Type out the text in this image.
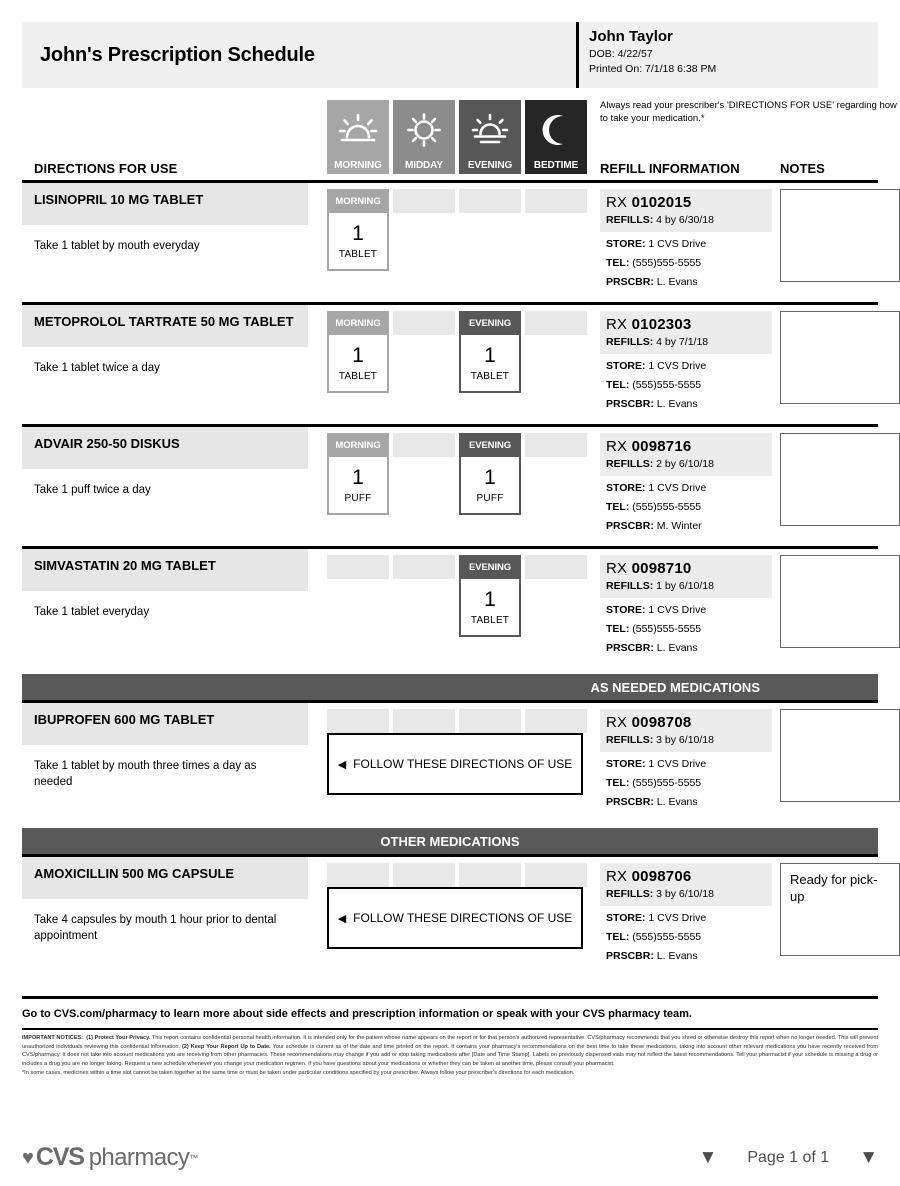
John's Prescription Schedule
John Taylor
DOB: 4/22/57
Printed On: 7/1/18 6:38 PM
DIRECTIONS FOR USE	MORNING MIDDAY EVENING BEDTIME
Always read your prescriber's 'DIRECTIONS FOR USE' regarding how to take your medication.*
REFILL INFORMATION	NOTES
LISINOPRIL 10 MG TABLET
Take 1 tablet by mouth everyday
MORNING
1
TABLET
RX 0102015
REFILLS: 4 by 6/30/18
STORE: 1 CVS Drive
TEL: (555)555-5555
PRSCBR: L. Evans
METOPROLOL TARTRATE 50 MG TABLET
Take 1 tablet twice a day
MORNING
1
TABLET
EVENING
1
TABLET
RX 0102303
REFILLS: 4 by 7/1/18
STORE: 1 CVS Drive
TEL: (555)555-5555
PRSCBR: L. Evans
ADVAIR 250-50 DISKUS
Take 1 puff twice a day
MORNING
1
PUFF
EVENING
1
PUFF
RX 0098716
REFILLS: 2 by 6/10/18
STORE: 1 CVS Drive
TEL: (555)555-5555
PRSCBR: M. Winter
SIMVASTATIN 20 MG TABLET
Take 1 tablet everyday
EVENING
1
TABLET
RX 0098710
REFILLS: 1 by 6/10/18
STORE: 1 CVS Drive
TEL: (555)555-5555
PRSCBR: L. Evans
AS NEEDED MEDICATIONS
IBUPROFEN 600 MG TABLET
Take 1 tablet by mouth three times a day as needed
◀ FOLLOW THESE DIRECTIONS OF USE
RX 0098708
REFILLS: 3 by 6/10/18
STORE: 1 CVS Drive
TEL: (555)555-5555
PRSCBR: L. Evans
OTHER MEDICATIONS
AMOXICILLIN 500 MG CAPSULE
Take 4 capsules by mouth 1 hour prior to dental appointment
◀ FOLLOW THESE DIRECTIONS OF USE
RX 0098706
REFILLS: 3 by 6/10/18
STORE: 1 CVS Drive
TEL: (555)555-5555
PRSCBR: L. Evans
Ready for pick-up
Go to CVS.com/pharmacy to learn more about side effects and prescription information or speak with your CVS pharmacy team.
IMPORTANT NOTICES: (1) Protect Your Privacy. This report contains confidential personal health information. It is intended only for the patient whose name appears on the report or for that person's authorized representative. CVS/pharmacy recommends that you shred or otherwise destroy this report when no longer needed. This will prevent unauthorized individuals reviewing this confidential information. (2) Keep Your Report Up to Date. Your schedule is current as of the date and time printed on the report. It contains your pharmacy's recommendations on the best time to take these medications, taking into account other relevant medications you have recently received from CVS/pharmacy. It does not take into account medications you are receiving from other pharmacies. These recommendations may change if you add or stop taking medications after [Date and Time Stamp]. Labels on previously dispensed vials may not reflect the latest recommendations. Tell your pharmacist if your schedule is missing a drug or includes a drug you are no longer taking. Request a new schedule whenever you change your medication regimen. If you have questions about your medications or whether they can be taken at another time, please consult your pharmacist.
*In some cases, medicines within a time slot cannot be taken together at the same time or must be taken under particular conditions specified by your prescriber. Always follow your prescriber's directions for each medication.
♥ CVS pharmacy ™	▼ Page 1 of 1 ▼
